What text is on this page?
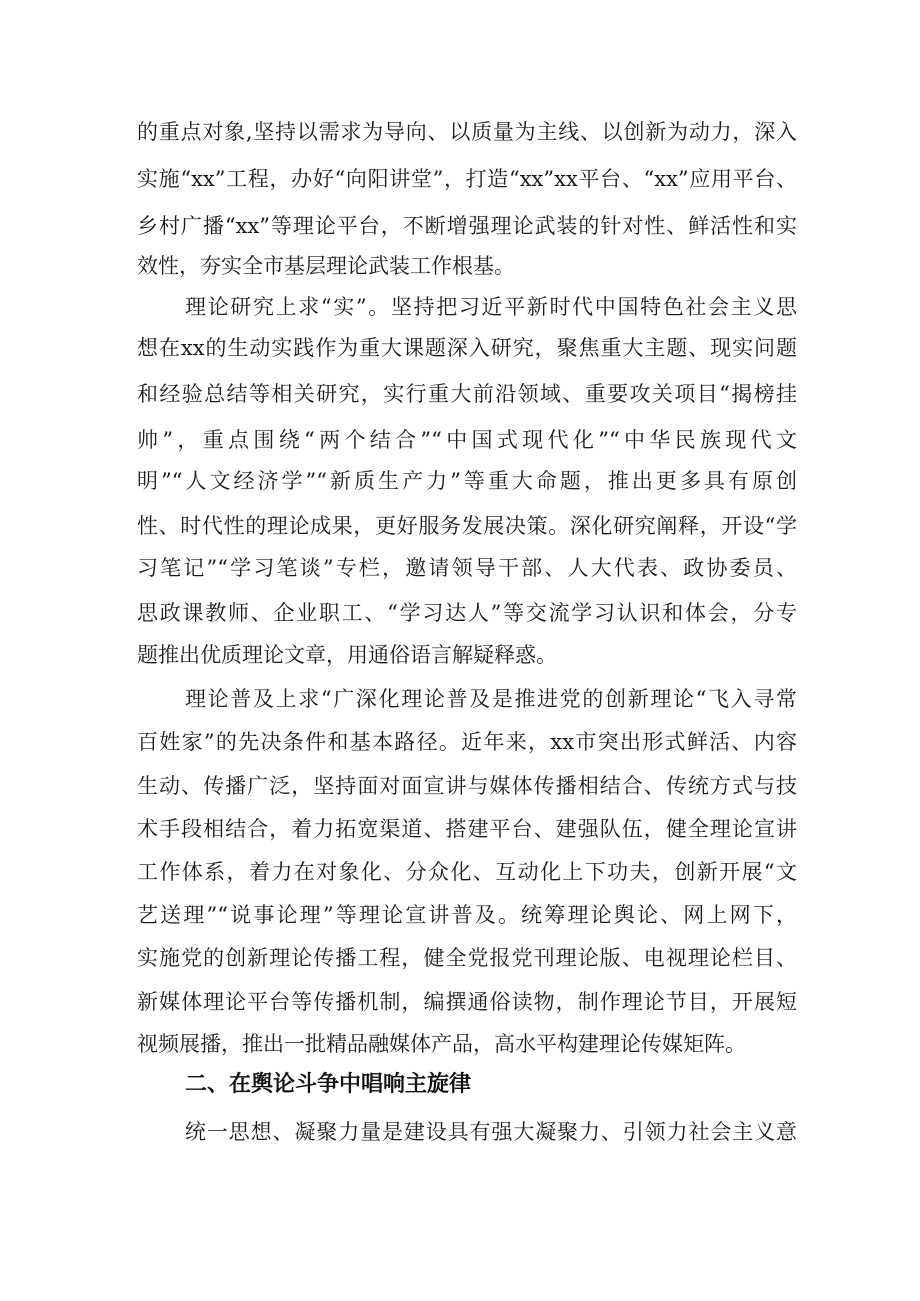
的重点对象,坚持以需求为导向、以质量为主线、以创新为动力，深入
实施“xx”工程，办好“向阳讲堂”，打造“xx”xx平台、“xx”应用平台、
乡村广播“xx”等理论平台，不断增强理论武装的针对性、鲜活性和实
效性，夯实全市基层理论武装工作根基。
理论研究上求“实”。坚持把习近平新时代中国特色社会主义思
想在xx的生动实践作为重大课题深入研究，聚焦重大主题、现实问题
和经验总结等相关研究，实行重大前沿领域、重要攻关项目“揭榜挂
帅”，重点围绕“两个结合”“中国式现代化”“中华民族现代文
明”“人文经济学”“新质生产力”等重大命题，推出更多具有原创
性、时代性的理论成果，更好服务发展决策。深化研究阐释，开设“学
习笔记”“学习笔谈”专栏，邀请领导干部、人大代表、政协委员、
思政课教师、企业职工、“学习达人”等交流学习认识和体会，分专
题推出优质理论文章，用通俗语言解疑释惑。
理论普及上求“广深化理论普及是推进党的创新理论“飞入寻常
百姓家”的先决条件和基本路径。近年来，xx市突出形式鲜活、内容
生动、传播广泛，坚持面对面宣讲与媒体传播相结合、传统方式与技
术手段相结合，着力拓宽渠道、搭建平台、建强队伍，健全理论宣讲
工作体系，着力在对象化、分众化、互动化上下功夫，创新开展“文
艺送理”“说事论理”等理论宣讲普及。统筹理论舆论、网上网下，
实施党的创新理论传播工程，健全党报党刊理论版、电视理论栏目、
新媒体理论平台等传播机制，编撰通俗读物，制作理论节目，开展短
视频展播，推出一批精品融媒体产品，高水平构建理论传媒矩阵。
二、在舆论斗争中唱响主旋律
统一思想、凝聚力量是建设具有强大凝聚力、引领力社会主义意
